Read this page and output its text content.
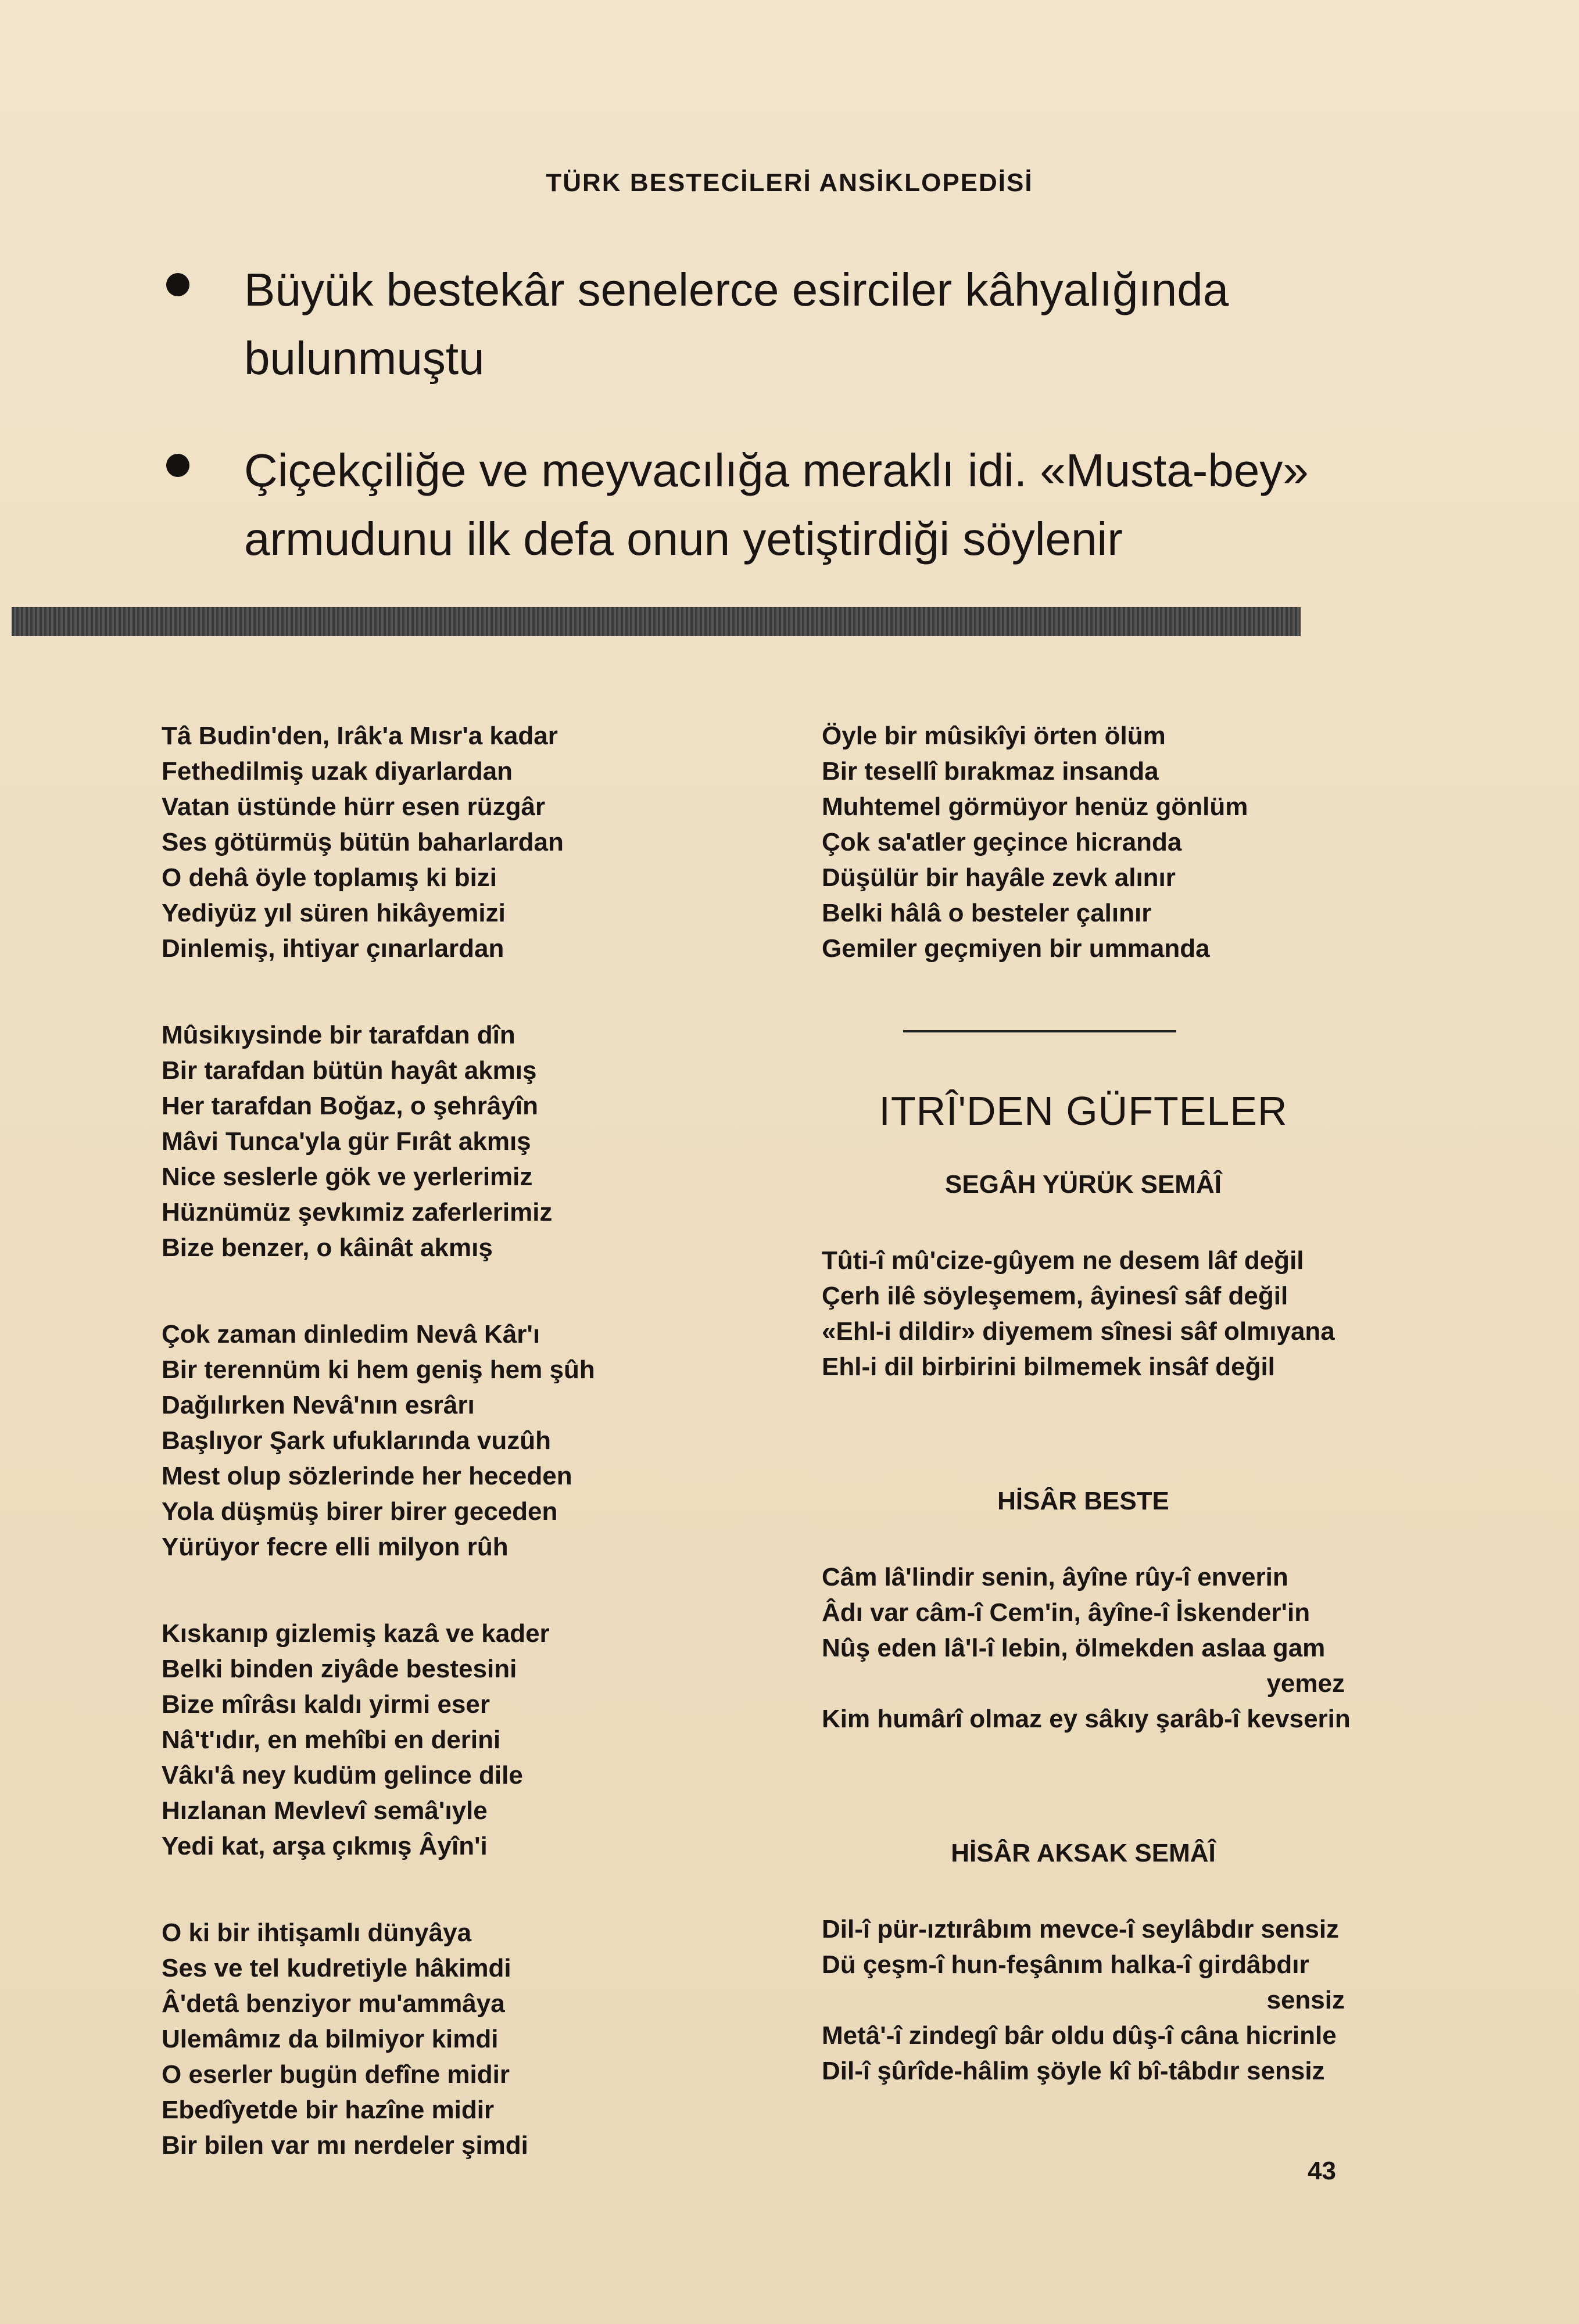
TÜRK BESTECİLERİ ANSİKLOPEDİSİ
Büyük bestekâr senelerce esirciler kâhyalığında bulunmuştu
Çiçekçiliğe ve meyvacılığa meraklı idi. «Musta-bey» armudunu ilk defa onun yetiştirdiği söylenir
Tâ Budin'den, Irâk'a Mısr'a kadar
Fethedilmiş uzak diyarlardan
Vatan üstünde hürr esen rüzgâr
Ses götürmüş bütün baharlardan
O dehâ öyle toplamış ki bizi
Yediyüz yıl süren hikâyemizi
Dinlemiş, ihtiyar çınarlardan
Mûsikıysinde bir tarafdan dîn
Bir tarafdan bütün hayât akmış
Her tarafdan Boğaz, o şehrâyîn
Mâvi Tunca'yla gür Fırât akmış
Nice seslerle gök ve yerlerimiz
Hüznümüz şevkımiz zaferlerimiz
Bize benzer, o kâinât akmış
Çok zaman dinledim Nevâ Kâr'ı
Bir terennüm ki hem geniş hem şûh
Dağılırken Nevâ'nın esrârı
Başlıyor Şark ufuklarında vuzûh
Mest olup sözlerinde her heceden
Yola düşmüş birer birer geceden
Yürüyor fecre elli milyon rûh
Kıskanıp gizlemiş kazâ ve kader
Belki binden ziyâde bestesini
Bize mîrâsı kaldı yirmi eser
Nâ't'ıdır, en mehîbi en derini
Vâkı'â ney kudüm gelince dile
Hızlanan Mevlevî semâ'ıyle
Yedi kat, arşa çıkmış Âyîn'i
O ki bir ihtişamlı dünyâya
Ses ve tel kudretiyle hâkimdi
Â'detâ benziyor mu'ammâya
Ulemâmız da bilmiyor kimdi
O eserler bugün defîne midir
Ebedîyetde bir hazîne midir
Bir bilen var mı nerdeler şimdi
Öyle bir mûsikîyi örten ölüm
Bir tesellî bırakmaz insanda
Muhtemel görmüyor henüz gönlüm
Çok sa'atler geçince hicranda
Düşülür bir hayâle zevk alınır
Belki hâlâ o besteler çalınır
Gemiler geçmiyen bir ummanda
ITRÎ'DEN GÜFTELER
SEGÂH YÜRÜK SEMÂÎ
Tûti-î mû'cize-gûyem ne desem lâf değil
Çerh ilê söyleşemem, âyinesî sâf değil
«Ehl-i dildir» diyemem sînesi sâf olmıyana
Ehl-i dil birbirini bilmemek insâf değil
HİSÂR BESTE
Câm lâ'lindir senin, âyîne rûy-î enverin
Âdı var câm-î Cem'in, âyîne-î İskender'in
Nûş eden lâ'l-î lebin, ölmekden aslaa gam
yemez
Kim humârî olmaz ey sâkıy şarâb-î kevserin
HİSÂR AKSAK SEMÂÎ
Dil-î pür-ıztırâbım mevce-î seylâbdır sensiz
Dü çeşm-î hun-feşânım halka-î girdâbdır
sensiz
Metâ'-î zindegî bâr oldu dûş-î câna hicrinle
Dil-î şûrîde-hâlim şöyle kî bî-tâbdır sensiz
43
